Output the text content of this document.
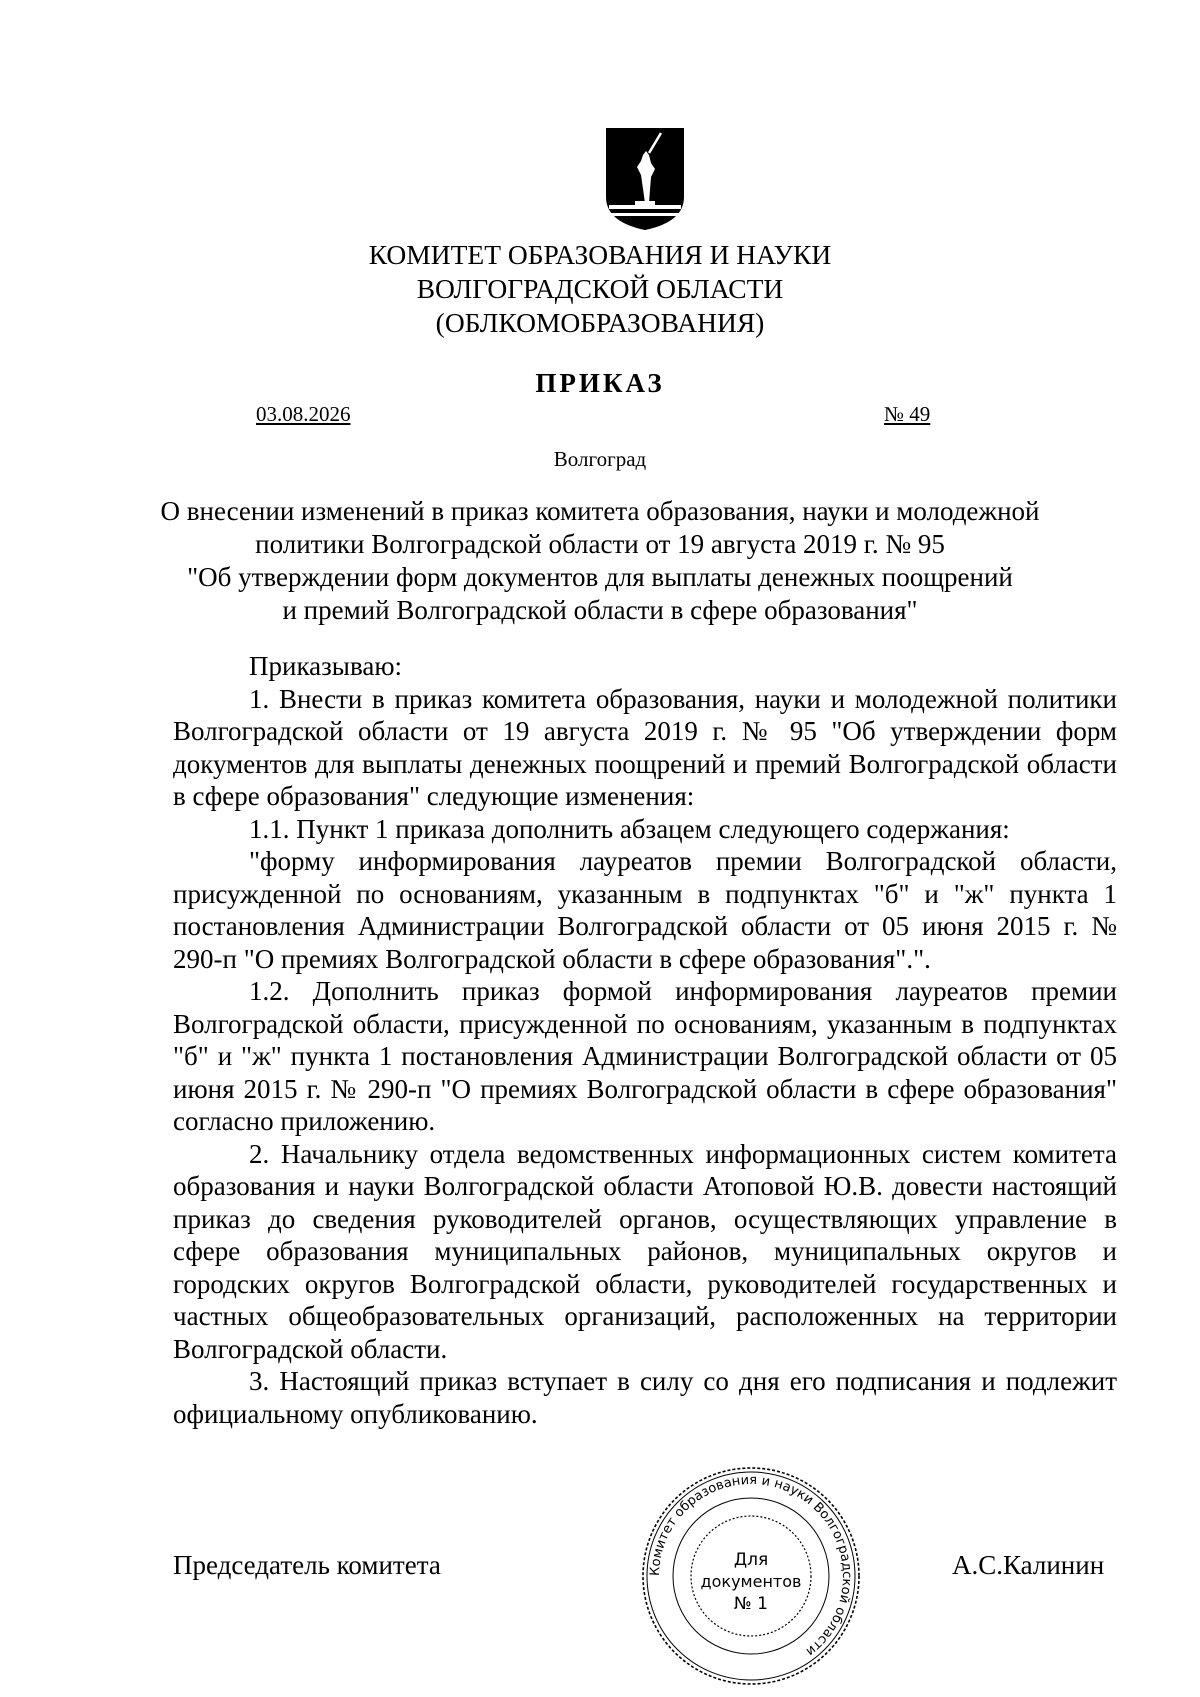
КОМИТЕТ ОБРАЗОВАНИЯ И НАУКИ
ВОЛГОГРАДСКОЙ ОБЛАСТИ
(ОБЛКОМОБРАЗОВАНИЯ)
ПРИКАЗ
03.08.2026	№ 49
Волгоград
О внесении изменений в приказ комитета образования, науки и молодежной
политики Волгоградской области от 19 августа 2019 г. № 95
"Об утверждении форм документов для выплаты денежных поощрений
и премий Волгоградской области в сфере образования"

Приказываю:

1. Внести в приказ комитета образования, науки и молодежной политики Волгоградской области от 19 августа 2019 г. № 95 "Об утверждении форм документов для выплаты денежных поощрений и премий Волгоградской области в сфере образования" следующие изменения:

1.1. Пункт 1 приказа дополнить абзацем следующего содержания:

"форму информирования лауреатов премии Волгоградской области, присужденной по основаниям, указанным в подпунктах "б" и "ж" пункта 1 постановления Администрации Волгоградской области от 05 июня 2015 г. № 290-п "О премиях Волгоградской области в сфере образования".".

1.2. Дополнить приказ формой информирования лауреатов премии Волгоградской области, присужденной по основаниям, указанным в подпунктах "б" и "ж" пункта 1 постановления Администрации Волгоградской области от 05 июня 2015 г. № 290-п "О премиях Волгоградской области в сфере образования" согласно приложению.

2. Начальнику отдела ведомственных информационных систем комитета образования и науки Волгоградской области Атоповой Ю.В. довести настоящий приказ до сведения руководителей органов, осуществляющих управление в сфере образования муниципальных районов, муниципальных округов и городских округов Волгоградской области, руководителей государственных и частных общеобразовательных организаций, расположенных на территории Волгоградской области.

3. Настоящий приказ вступает в силу со дня его подписания и подлежит официальному опубликованию.

Председатель комитета	А.С.Калинин
Комитет образования и науки Волгоградской области
Для
документов
№ 1
